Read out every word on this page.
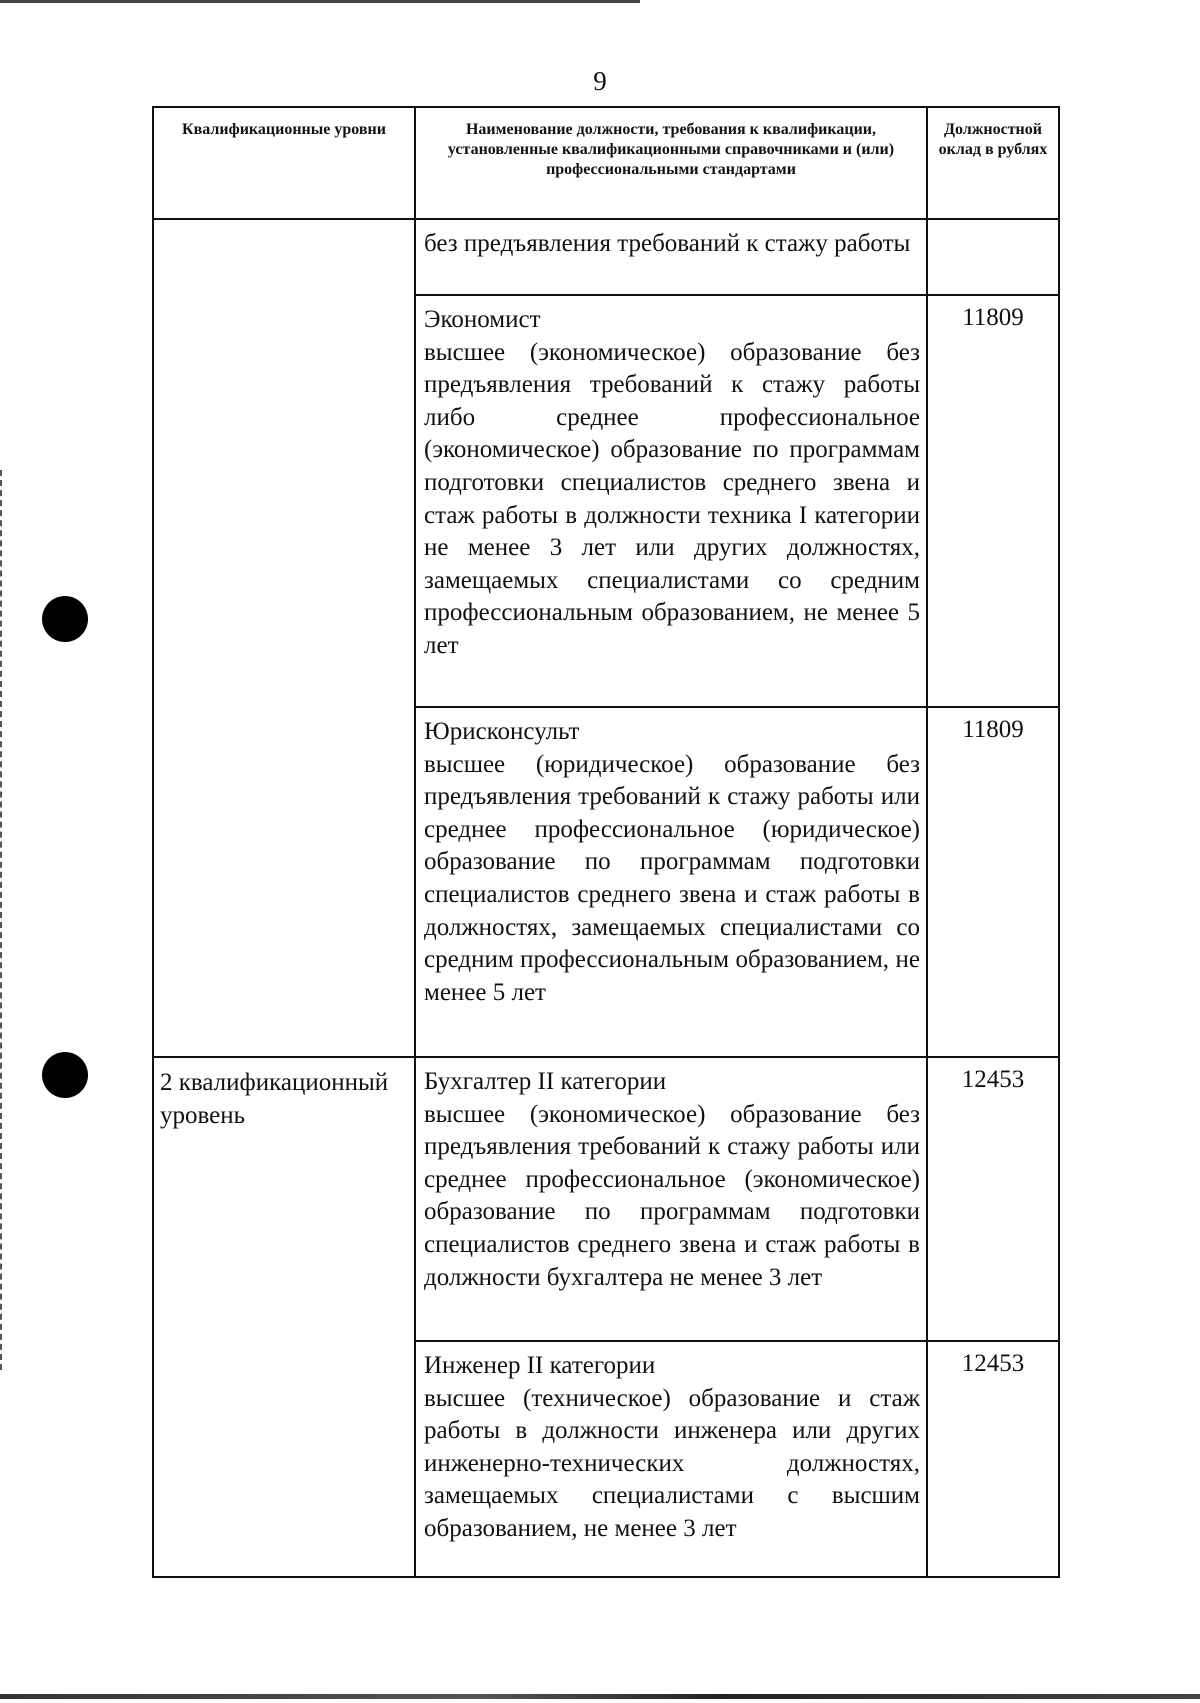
9
Квалификационные уровни	Наименование должности, требования к квалификации, установленные квалификационными справочниками и (или) профессиональными стандартами	Должностной оклад в рублях

	без предъявления требований к стажу работы	

	Экономист
высшее (экономическое) образование без предъявления требований к стажу работы либо среднее профессиональное (экономическое) образование по программам подготовки специалистов среднего звена и стаж работы в должности техника I категории не менее 3 лет или других должностях, замещаемых специалистами со средним профессиональным образованием, не менее 5 лет	11809

	Юрисконсульт
высшее (юридическое) образование без предъявления требований к стажу работы или среднее профессиональное (юридическое) образование по программам подготовки специалистов среднего звена и стаж работы в должностях, замещаемых специалистами со средним профессиональным образованием, не менее 5 лет	11809
2 квалификационный уровень	Бухгалтер II категории
высшее (экономическое) образование без предъявления требований к стажу работы или среднее профессиональное (экономическое) образование по программам подготовки специалистов среднего звена и стаж работы в должности бухгалтера не менее 3 лет	12453

	Инженер II категории
высшее (техническое) образование и стаж работы в должности инженера или других инженерно-технических должностях, замещаемых специалистами с высшим образованием, не менее 3 лет	12453
